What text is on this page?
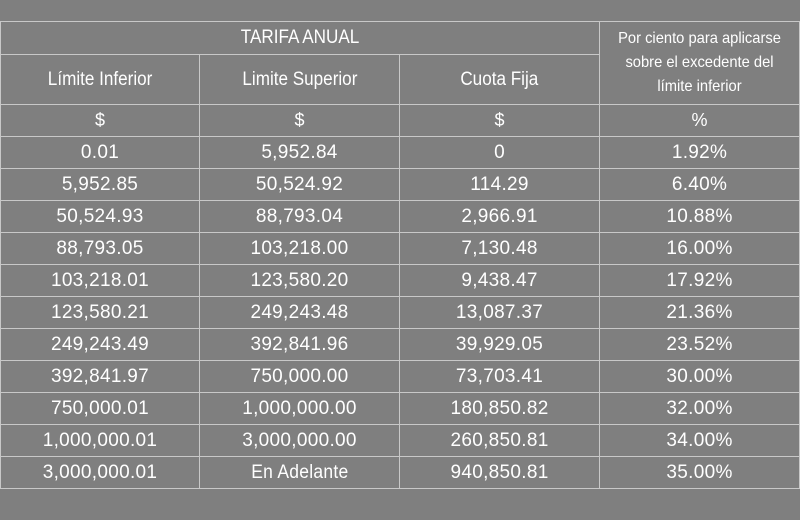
TARIFA ANUAL			Por ciento para aplicarse sobre el excedente del límite inferior
Límite Inferior	Limite Superior	Cuota Fija	
$	$	$	%
0.01	5,952.84	0	1.92%
5,952.85	50,524.92	114.29	6.40%
50,524.93	88,793.04	2,966.91	10.88%
88,793.05	103,218.00	7,130.48	16.00%
103,218.01	123,580.20	9,438.47	17.92%
123,580.21	249,243.48	13,087.37	21.36%
249,243.49	392,841.96	39,929.05	23.52%
392,841.97	750,000.00	73,703.41	30.00%
750,000.01	1,000,000.00	180,850.82	32.00%
1,000,000.01	3,000,000.00	260,850.81	34.00%
3,000,000.01	En Adelante	940,850.81	35.00%
